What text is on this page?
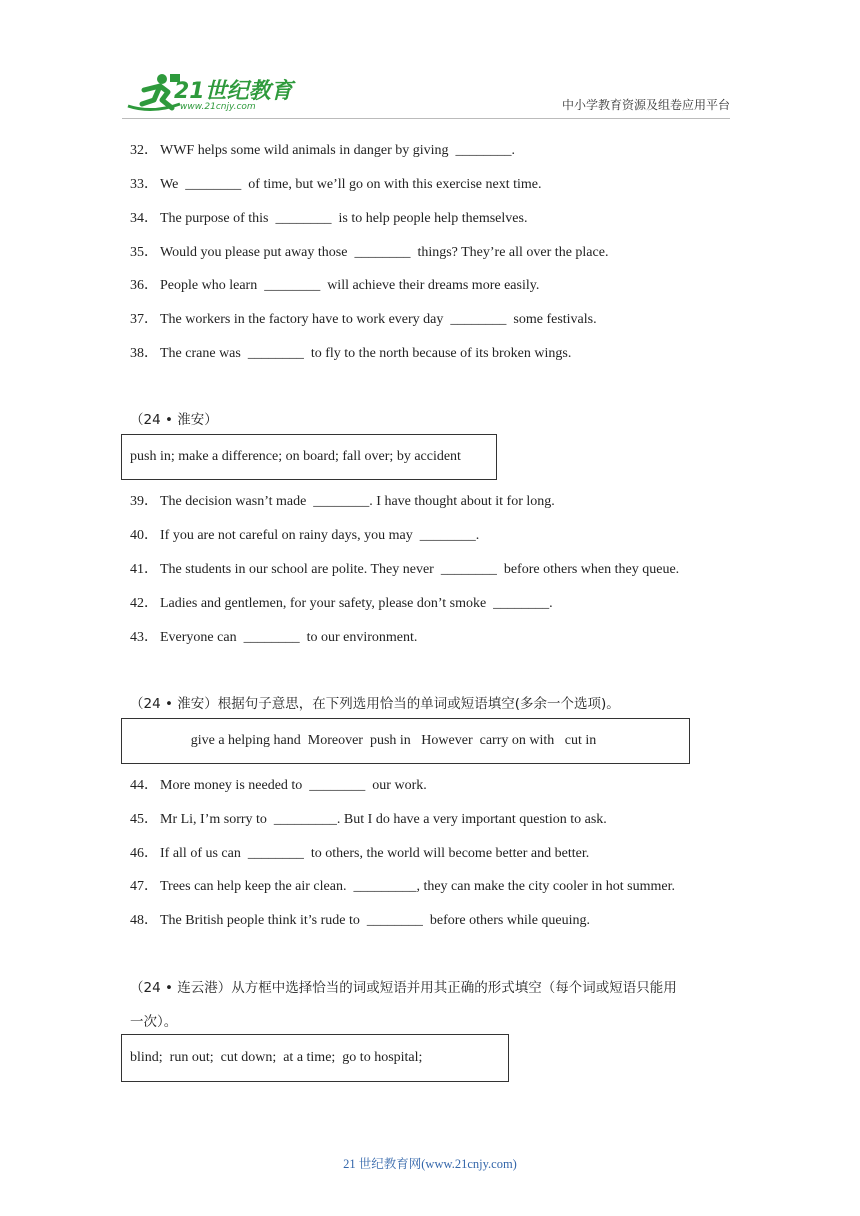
21世纪教育
www.21cnjy.com	中小学教育资源及组卷应用平台
32． WWF helps some wild animals in danger by giving  ________.
33． We  ________  of time, but we’ll go on with this exercise next time.
34． The purpose of this  ________  is to help people help themselves.
35． Would you please put away those  ________  things? They’re all over the place.
36． People who learn  ________  will achieve their dreams more easily.
37． The workers in the factory have to work every day  ________  some festivals.
38． The crane was  ________  to fly to the north because of its broken wings.
（24 • 淮安）
push in; make a difference; on board; fall over; by accident
39． The decision wasn’t made  ________. I have thought about it for long.
40． If you are not careful on rainy days, you may  ________.
41． The students in our school are polite. They never  ________  before others when they queue.
42． Ladies and gentlemen, for your safety, please don’t smoke  ________.
43． Everyone can  ________  to our environment.
（24 • 淮安）根据句子意思，在下列选用恰当的单词或短语填空(多余一个选项)。
give a helping hand  Moreover  push in   However  carry on with   cut in
44． More money is needed to  ________  our work.
45． Mr Li, I’m sorry to  _________. But I do have a very important question to ask.
46． If all of us can  ________  to others, the world will become better and better.
47． Trees can help keep the air clean.  _________, they can make the city cooler in hot summer.
48． The British people think it’s rude to  ________  before others while queuing.
（24 • 连云港）从方框中选择恰当的词或短语并用其正确的形式填空（每个词或短语只能用
一次）。
blind;  run out;  cut down;  at a time;  go to hospital;
21 世纪教育网(www.21cnjy.com)
